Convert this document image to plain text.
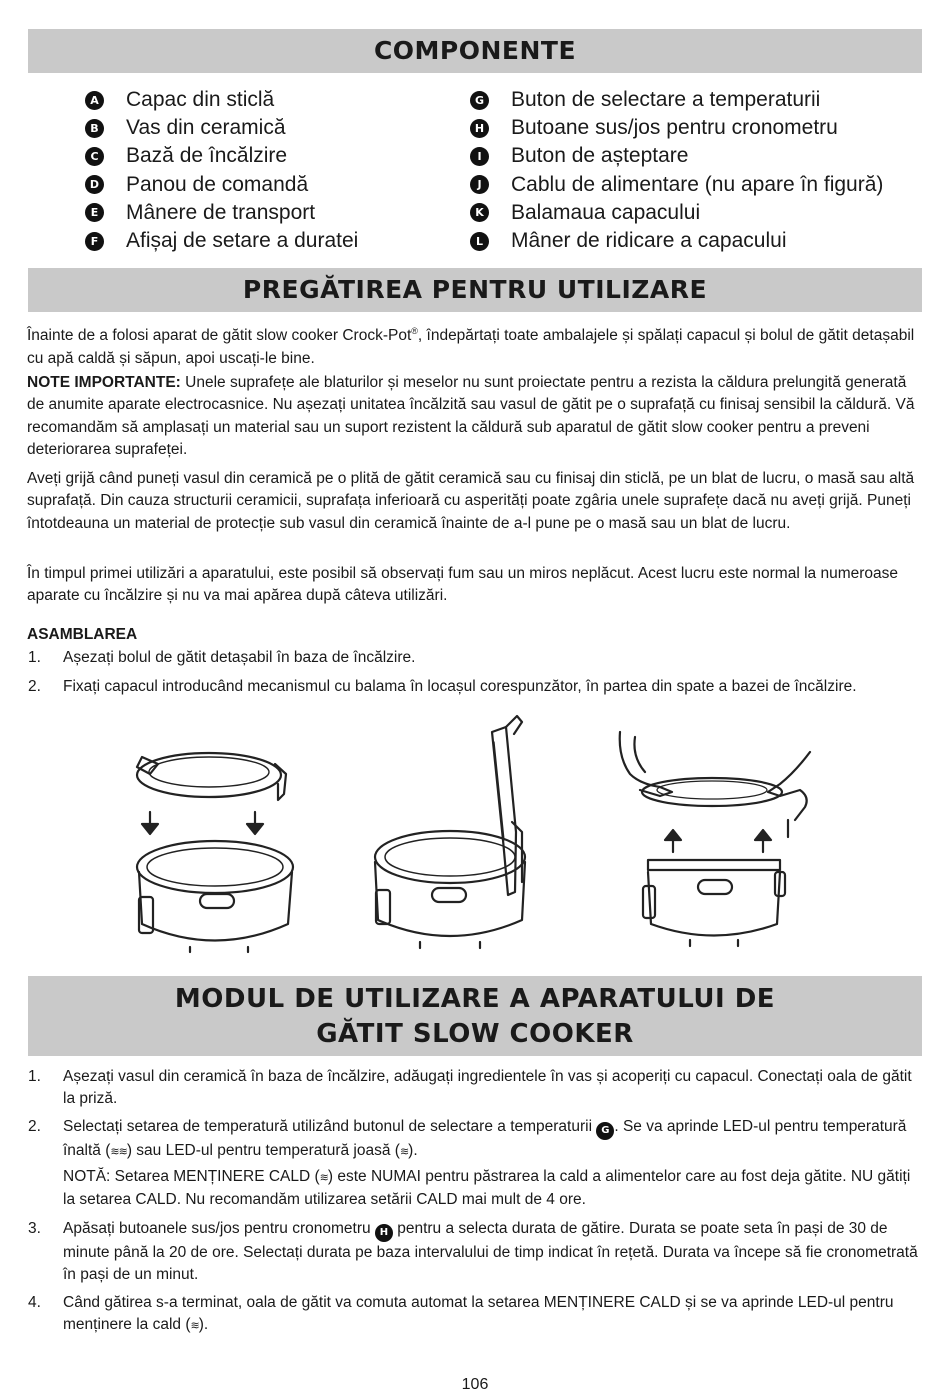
COMPONENTE
A Capac din sticlă
B Vas din ceramică
C Bază de încălzire
D Panou de comandă
E Mânere de transport
F Afișaj de setare a duratei
G Buton de selectare a temperaturii
H Butoane sus/jos pentru cronometru
I	Buton de așteptare
J	Cablu de alimentare (nu apare în figură)
K Balamaua capacului
L Mâner de ridicare a capacului
PREGĂTIREA PENTRU UTILIZARE
Înainte de a folosi aparat de gătit slow cooker Crock-Pot®, îndepărtați toate ambalajele și spălați capacul și bolul de gătit detașabil cu apă caldă și săpun, apoi uscați-le bine.
NOTE IMPORTANTE: Unele suprafețe ale blaturilor și meselor nu sunt proiectate pentru a rezista la căldura prelungită generată de anumite aparate electrocasnice. Nu așezați unitatea încălzită sau vasul de gătit pe o suprafață cu finisaj sensibil la căldură. Vă recomandăm să amplasați un material sau un suport rezistent la căldură sub aparatul de gătit slow cooker pentru a preveni deteriorarea suprafeței.
Aveți grijă când puneți vasul din ceramică pe o plită de gătit ceramică sau cu finisaj din sticlă, pe un blat de lucru, o masă sau altă suprafață. Din cauza structurii ceramicii, suprafața inferioară cu asperități poate zgâria unele suprafețe dacă nu aveți grijă. Puneți întotdeauna un material de protecție sub vasul din ceramică înainte de a-l pune pe o masă sau un blat de lucru.
În timpul primei utilizări a aparatului, este posibil să observați fum sau un miros neplăcut. Acest lucru este normal la numeroase aparate cu încălzire și nu va mai apărea după câteva utilizări.
ASAMBLAREA
1. Așezați bolul de gătit detașabil în baza de încălzire.
2. Fixați capacul introducând mecanismul cu balama în locașul corespunzător, în partea din spate a bazei de încălzire.
MODUL DE UTILIZARE A APARATULUI DE
GĂTIT SLOW COOKER
1. Așezați vasul din ceramică în baza de încălzire, adăugați ingredientele în vas și acoperiți cu capacul. Conectați oala de gătit la priză.
2. Selectați setarea de temperatură utilizând butonul de selectare a temperaturii G . Se va aprinde LED-ul pentru temperatură înaltă (≋≋) sau LED-ul pentru temperatură joasă (≋).
NOTĂ: Setarea MENȚINERE CALD (≋) este NUMAI pentru păstrarea la cald a alimentelor care au fost deja gătite. NU gătiți la setarea CALD. Nu recomandăm utilizarea setării CALD mai mult de 4 ore.
3. Apăsați butoanele sus/jos pentru cronometru H pentru a selecta durata de gătire. Durata se poate seta în pași de 30 de minute până la 20 de ore. Selectați durata pe baza intervalului de timp indicat în rețetă. Durata va începe să fie cronometrată în pași de un minut.
4. Când gătirea s-a terminat, oala de gătit va comuta automat la setarea MENȚINERE CALD și se va aprinde LED-ul pentru menținere la cald (≋).
106
